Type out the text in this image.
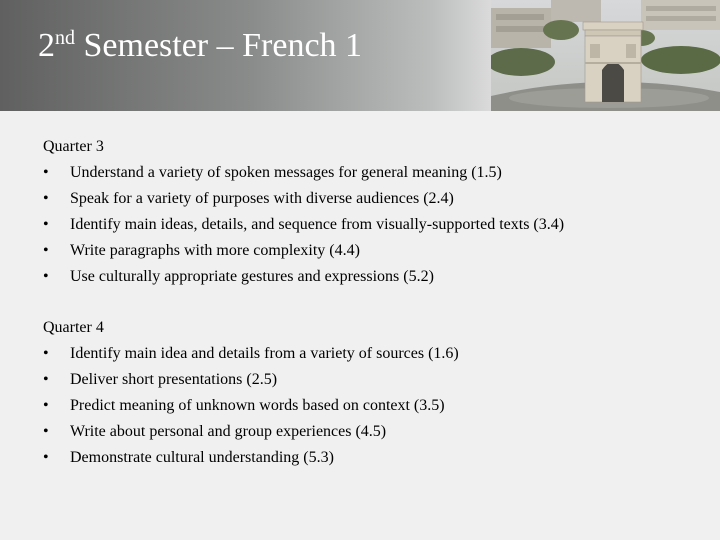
2nd Semester – French 1
Quarter 3
• Understand a variety of spoken messages for general meaning (1.5)
• Speak for a variety of purposes with diverse audiences (2.4)
• Identify main ideas, details, and sequence from visually-supported texts (3.4)
• Write paragraphs with more complexity (4.4)
• Use culturally appropriate gestures and expressions (5.2)
Quarter 4
• Identify main idea and details from a variety of sources (1.6)
• Deliver short presentations (2.5)
• Predict meaning of unknown words based on context (3.5)
• Write about personal and group experiences (4.5)
• Demonstrate cultural understanding (5.3)
